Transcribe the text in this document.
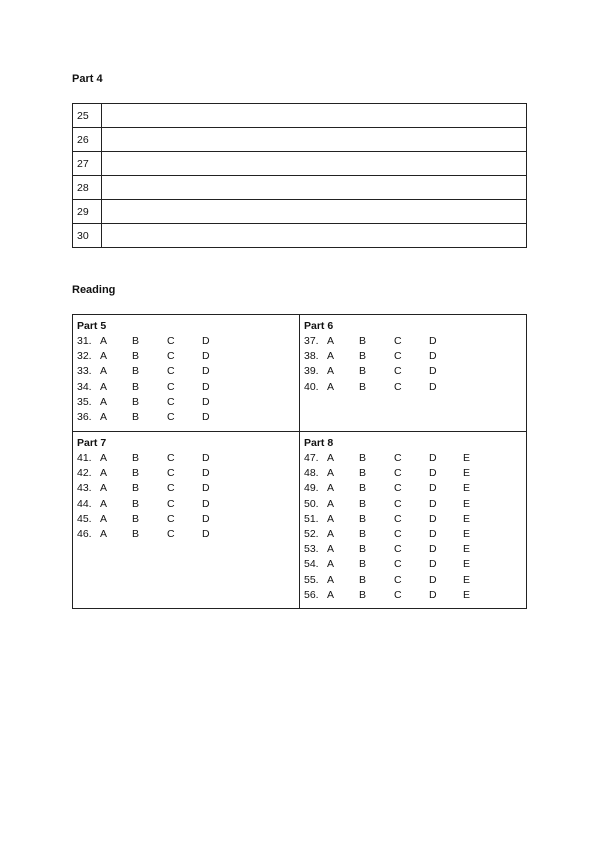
Part 4
25	
26	
27	
28	
29	
30	
Reading
Part 5
31. A B	C	D
32. A B	C	D
33. A B	C	D
34. A B	C	D
35. A B	C	D
36. A B	C	D
Part 6
37. A B	C	D
38. A B	C	D
39. A B	C	D
40. A B	C	D
Part 7
41. A B	C	D
42. A B	C	D
43. A B	C	D
44. A B	C	D
45. A B	C	D
46. A B	C	D
Part 8
47. A B	C	D	E
48. A B	C	D	E
49. A B	C	D	E
50. A B	C	D	E
51. A B	C	D	E
52. A B	C	D	E
53. A B	C	D	E
54. A B	C	D	E
55. A B	C	D	E
56. A B	C	D	E
